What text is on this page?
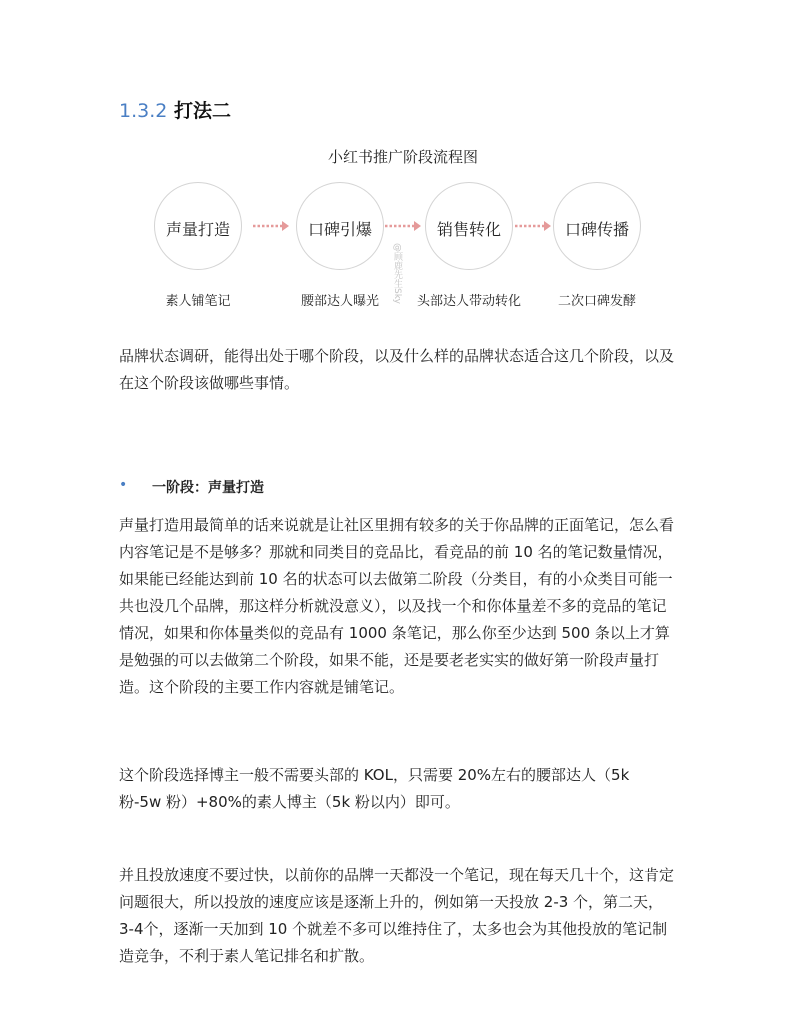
1.3.2 打法二
小红书推广阶段流程图
声量打造	口碑引爆	销售转化	口碑传播
@顾鹿先生Sky
素人铺笔记	腰部达人曝光	头部达人带动转化	二次口碑发酵

品牌状态调研，能得出处于哪个阶段，以及什么样的品牌状态适合这几个阶段，以及在这个阶段该做哪些事情。

• 一阶段：声量打造

声量打造用最简单的话来说就是让社区里拥有较多的关于你品牌的正面笔记，怎么看内容笔记是不是够多？那就和同类目的竞品比，看竞品的前 10 名的笔记数量情况，如果能已经能达到前 10 名的状态可以去做第二阶段（分类目，有的小众类目可能一共也没几个品牌，那这样分析就没意义），以及找一个和你体量差不多的竞品的笔记情况，如果和你体量类似的竞品有 1000 条笔记，那么你至少达到 500 条以上才算是勉强的可以去做第二个阶段，如果不能，还是要老老实实的做好第一阶段声量打造。这个阶段的主要工作内容就是铺笔记。

这个阶段选择博主一般不需要头部的 KOL，只需要 20%左右的腰部达人（5k 粉-5w 粉）+80%的素人博主（5k 粉以内）即可。

并且投放速度不要过快，以前你的品牌一天都没一个笔记，现在每天几十个，这肯定问题很大，所以投放的速度应该是逐渐上升的，例如第一天投放 2-3 个，第二天，3-4个，逐渐一天加到 10 个就差不多可以维持住了，太多也会为其他投放的笔记制造竞争，不利于素人笔记排名和扩散。
